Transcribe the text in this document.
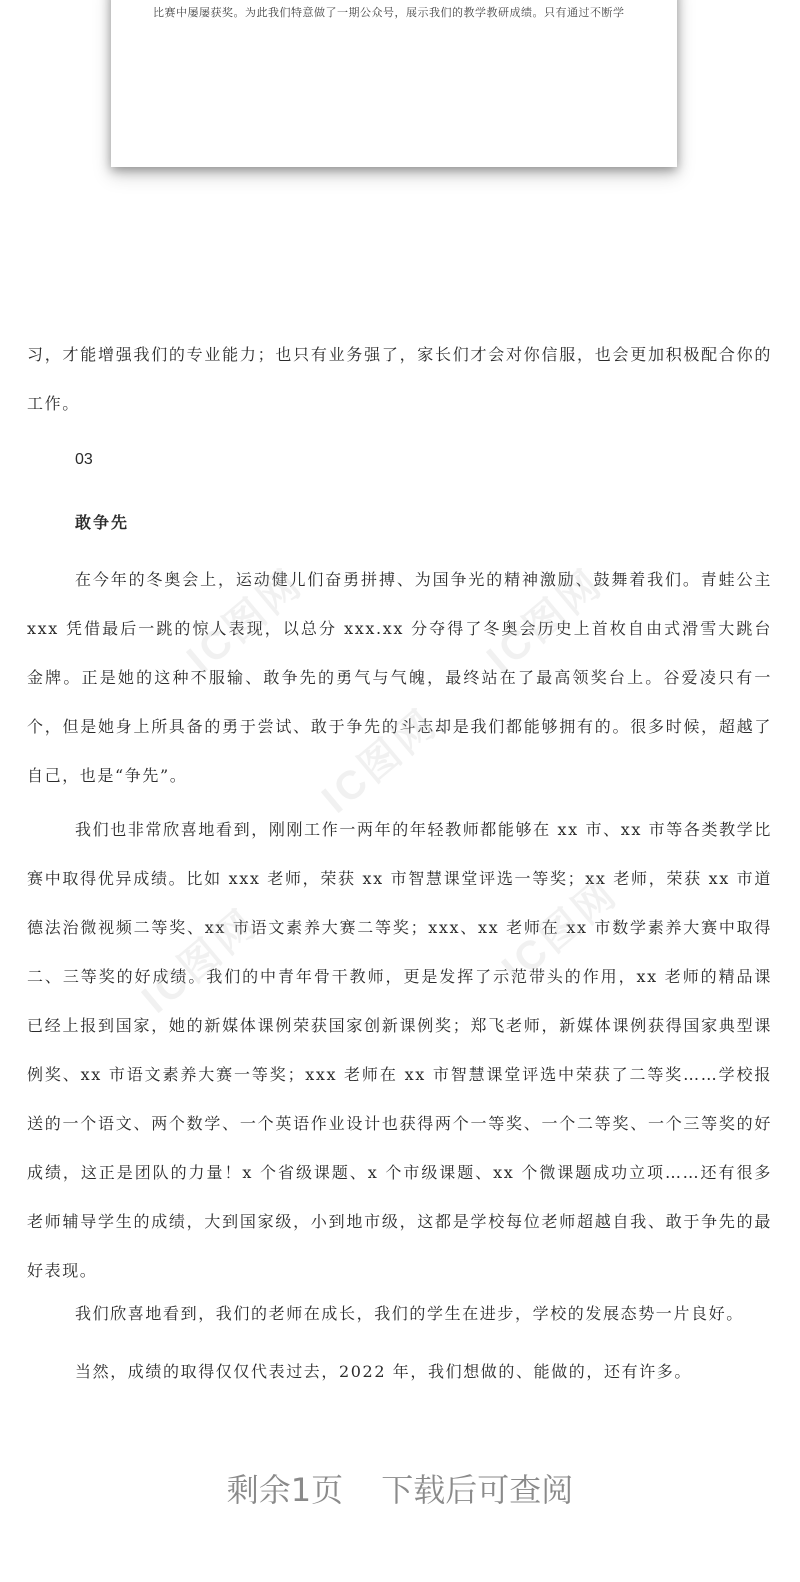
比赛中屡屡获奖。为此我们特意做了一期公众号，展示我们的教学教研成绩。只有通过不断学

习，才能增强我们的专业能力；也只有业务强了，家长们才会对你信服，也会更加积极配合你的工作。

03
敢争先

在今年的冬奥会上，运动健儿们奋勇拼搏、为国争光的精神激励、鼓舞着我们。青蛙公主 xxx 凭借最后一跳的惊人表现，以总分 xxx.xx 分夺得了冬奥会历史上首枚自由式滑雪大跳台金牌。正是她的这种不服输、敢争先的勇气与气魄，最终站在了最高领奖台上。谷爱凌只有一个，但是她身上所具备的勇于尝试、敢于争先的斗志却是我们都能够拥有的。很多时候，超越了自己，也是“争先”。

我们也非常欣喜地看到，刚刚工作一两年的年轻教师都能够在 xx 市、xx 市等各类教学比赛中取得优异成绩。比如 xxx 老师，荣获 xx 市智慧课堂评选一等奖；xx 老师，荣获 xx 市道德法治微视频二等奖、xx 市语文素养大赛二等奖；xxx、xx 老师在 xx 市数学素养大赛中取得二、三等奖的好成绩。我们的中青年骨干教师，更是发挥了示范带头的作用，xx 老师的精品课已经上报到国家，她的新媒体课例荣获国家创新课例奖；郑飞老师，新媒体课例获得国家典型课例奖、xx 市语文素养大赛一等奖；xxx 老师在 xx 市智慧课堂评选中荣获了二等奖……学校报送的一个语文、两个数学、一个英语作业设计也获得两个一等奖、一个二等奖、一个三等奖的好成绩，这正是团队的力量！x 个省级课题、x 个市级课题、xx 个微课题成功立项……还有很多老师辅导学生的成绩，大到国家级，小到地市级，这都是学校每位老师超越自我、敢于争先的最好表现。

我们欣喜地看到，我们的老师在成长，我们的学生在进步，学校的发展态势一片良好。

当然，成绩的取得仅仅代表过去，2022 年，我们想做的、能做的，还有许多。

IC图网	IC图网
IC图网
IC图网	IC图网
剩余1页 下载后可查阅
